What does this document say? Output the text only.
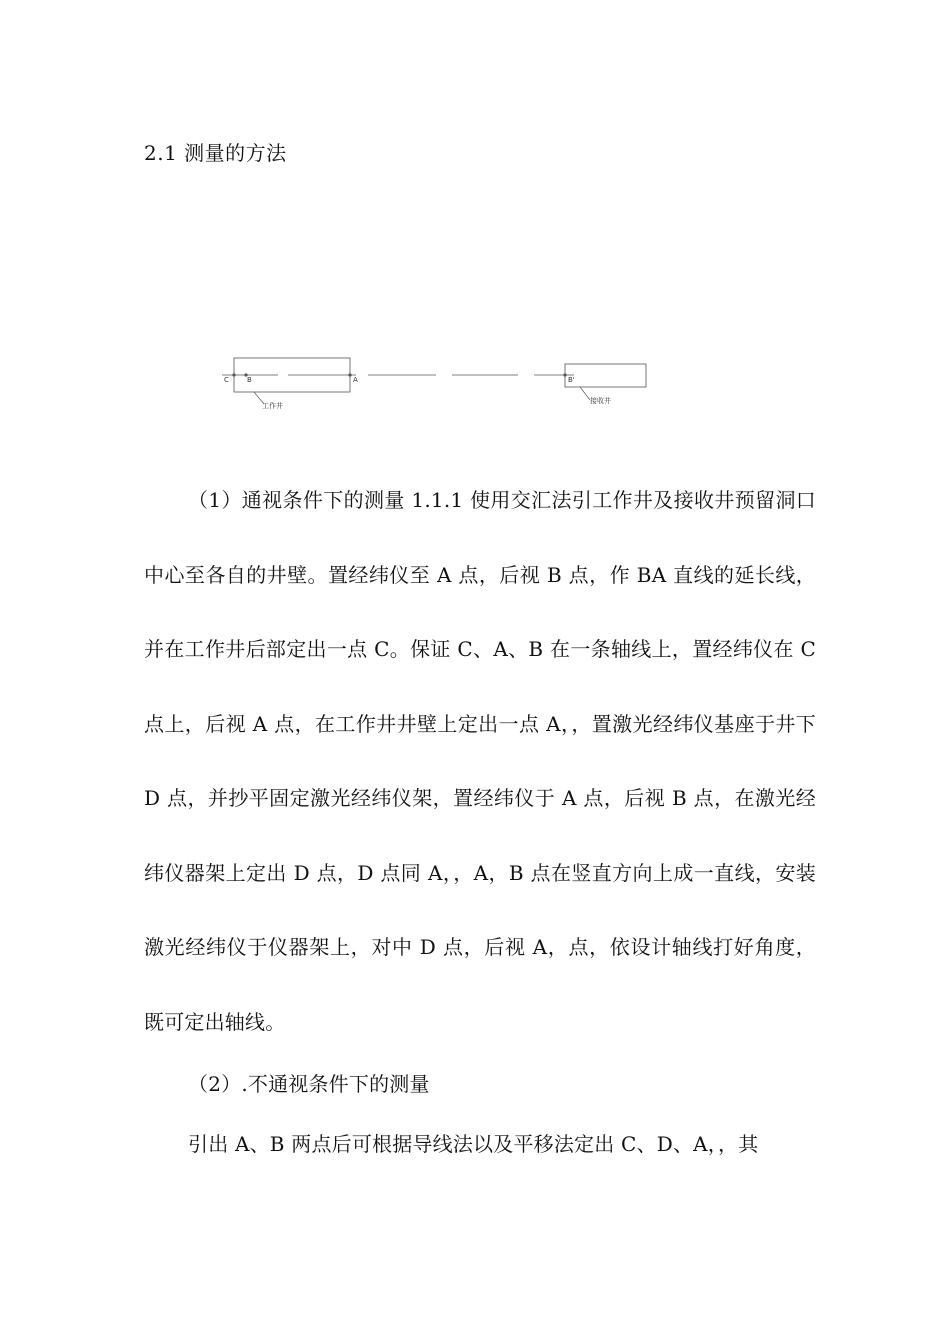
2.1 测量的方法
C	B	A	B'
工作井
接收井

（1）通视条件下的测量 1.1.1 使用交汇法引工作井及接收井预留洞口中心至各自的井壁。置经纬仪至 A 点，后视 B 点，作 BA 直线的延长线，并在工作井后部定出一点 C。保证 C、A、B 在一条轴线上，置经纬仪在 C 点上，后视 A 点，在工作井井壁上定出一点 A，，置激光经纬仪基座于井下 D 点，并抄平固定激光经纬仪架，置经纬仪于 A 点，后视 B 点，在激光经纬仪器架上定出 D 点，D 点同 A，，A，B 点在竖直方向上成一直线，安装激光经纬仪于仪器架上，对中 D 点，后视 A，点，依设计轴线打好角度，既可定出轴线。

（2）.不通视条件下的测量

引出 A、B 两点后可根据导线法以及平移法定出 C、D、A，，其
